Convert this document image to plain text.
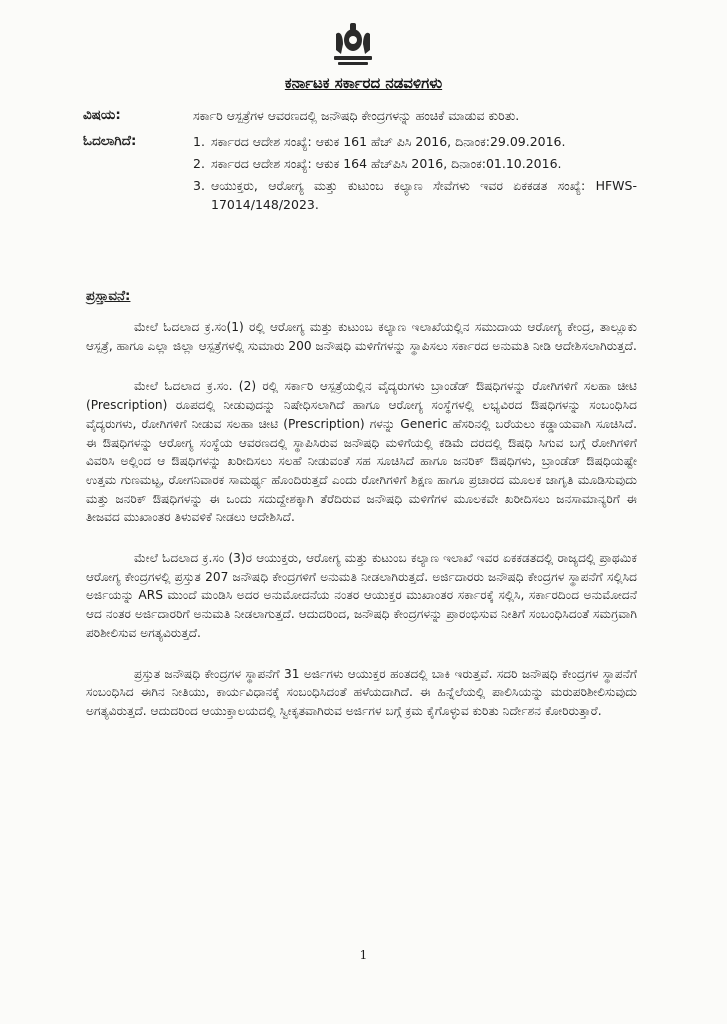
ಕರ್ನಾಟಕ ಸರ್ಕಾರದ ನಡವಳಿಗಳು
ವಿಷಯ:	ಸರ್ಕಾರಿ ಆಸ್ಪತ್ರೆಗಳ ಆವರಣದಲ್ಲಿ ಜನೌಷಧಿ ಕೇಂದ್ರಗಳನ್ನು ಹಂಚಿಕೆ ಮಾಡುವ ಕುರಿತು.
ಓದಲಾಗಿದೆ:	1. ಸರ್ಕಾರದ ಆದೇಶ ಸಂಖ್ಯೆ: ಆಕುಕ 161 ಹೆಚ್ ಪಿಸಿ 2016, ದಿನಾಂಕ:29.09.2016.
2. ಸರ್ಕಾರದ ಆದೇಶ ಸಂಖ್ಯೆ: ಆಕುಕ 164 ಹೆಚ್‌ಪಿಸಿ 2016, ದಿನಾಂಕ:01.10.2016.
3. ಆಯುಕ್ತರು, ಆರೋಗ್ಯ ಮತ್ತು ಕುಟುಂಬ ಕಲ್ಯಾಣ ಸೇವೆಗಳು ಇವರ ಏಕಕಡತ ಸಂಖ್ಯೆ: HFWS-17014/148/2023.
ಪ್ರಸ್ತಾವನೆ:

ಮೇಲೆ ಓದಲಾದ ಕ್ರ.ಸಂ(1) ರಲ್ಲಿ ಆರೋಗ್ಯ ಮತ್ತು ಕುಟುಂಬ ಕಲ್ಯಾಣ ಇಲಾಖೆಯಲ್ಲಿನ ಸಮುದಾಯ ಆರೋಗ್ಯ ಕೇಂದ್ರ, ತಾಲ್ಲೂಕು ಆಸ್ಪತ್ರೆ, ಹಾಗೂ ಎಲ್ಲಾ ಜಿಲ್ಲಾ ಆಸ್ಪತ್ರೆಗಳಲ್ಲಿ ಸುಮಾರು 200 ಜನೌಷಧಿ ಮಳಿಗೆಗಳನ್ನು ಸ್ಥಾಪಿಸಲು ಸರ್ಕಾರದ ಅನುಮತಿ ನೀಡಿ ಆದೇಶಿಸಲಾಗಿರುತ್ತದೆ.

ಮೇಲೆ ಓದಲಾದ ಕ್ರ.ಸಂ. (2) ರಲ್ಲಿ ಸರ್ಕಾರಿ ಆಸ್ಪತ್ರೆಯಲ್ಲಿನ ವೈದ್ಯರುಗಳು ಬ್ರಾಂಡೆಡ್ ಔಷಧಿಗಳನ್ನು ರೋಗಿಗಳಿಗೆ ಸಲಹಾ ಚೀಟಿ (Prescription) ರೂಪದಲ್ಲಿ ನೀಡುವುದನ್ನು ನಿಷೇಧಿಸಲಾಗಿದೆ ಹಾಗೂ ಆರೋಗ್ಯ ಸಂಸ್ಥೆಗಳಲ್ಲಿ ಲಭ್ಯವಿರದ ಔಷಧಿಗಳನ್ನು ಸಂಬಂಧಿಸಿದ ವೈದ್ಯರುಗಳು, ರೋಗಿಗಳಿಗೆ ನೀಡುವ ಸಲಹಾ ಚೀಟಿ (Prescription) ಗಳನ್ನು Generic ಹೆಸರಿನಲ್ಲಿ ಬರೆಯಲು ಕಡ್ಡಾಯವಾಗಿ ಸೂಚಿಸಿದೆ. ಈ ಔಷಧಿಗಳನ್ನು ಆರೋಗ್ಯ ಸಂಸ್ಥೆಯ ಆವರಣದಲ್ಲಿ ಸ್ಥಾಪಿಸಿರುವ ಜನೌಷಧಿ ಮಳಿಗೆಯಲ್ಲಿ ಕಡಿಮೆ ದರದಲ್ಲಿ ಔಷಧಿ ಸಿಗುವ ಬಗ್ಗೆ ರೋಗಿಗಳಿಗೆ ವಿವರಿಸಿ ಅಲ್ಲಿಂದ ಆ ಔಷಧಿಗಳನ್ನು ಖರೀದಿಸಲು ಸಲಹೆ ನೀಡುವಂತೆ ಸಹ ಸೂಚಿಸಿದೆ ಹಾಗೂ ಜನರಿಕ್ ಔಷಧಿಗಳು, ಬ್ರಾಂಡೆಡ್ ಔಷಧಿಯಷ್ಟೇ ಉತ್ತಮ ಗುಣಮಟ್ಟ, ರೋಗನಿವಾರಕ ಸಾಮರ್ಥ್ಯ ಹೊಂದಿರುತ್ತದೆ ಎಂದು ರೋಗಿಗಳಿಗೆ ಶಿಕ್ಷಣ ಹಾಗೂ ಪ್ರಚಾರದ ಮೂಲಕ ಜಾಗೃತಿ ಮೂಡಿಸುವುದು ಮತ್ತು ಜನರಿಕ್ ಔಷಧಿಗಳನ್ನು ಈ ಒಂದು ಸದುದ್ದೇಶಕ್ಕಾಗಿ ತೆರೆದಿರುವ ಜನೌಷಧಿ ಮಳಿಗೆಗಳ ಮೂಲಕವೇ ಖರೀದಿಸಲು ಜನಸಾಮಾನ್ಯರಿಗೆ ಈ ತೀಜವದ ಮುಖಾಂತರ ತಿಳುವಳಿಕೆ ನೀಡಲು ಆದೇಶಿಸಿದೆ.

ಮೇಲೆ ಓದಲಾದ ಕ್ರ.ಸಂ (3)ರ ಆಯುಕ್ತರು, ಆರೋಗ್ಯ ಮತ್ತು ಕುಟುಂಬ ಕಲ್ಯಾಣ ಇಲಾಖೆ ಇವರ ಏಕಕಡತದಲ್ಲಿ ರಾಜ್ಯದಲ್ಲಿ ಪ್ರಾಥಮಿಕ ಆರೋಗ್ಯ ಕೇಂದ್ರಗಳಲ್ಲಿ ಪ್ರಸ್ತುತ 207 ಜನೌಷಧಿ ಕೇಂದ್ರಗಳಿಗೆ ಅನುಮತಿ ನೀಡಲಾಗಿರುತ್ತದೆ. ಅರ್ಜಿದಾರರು ಜನೌಷಧಿ ಕೇಂದ್ರಗಳ ಸ್ಥಾಪನೆಗೆ ಸಲ್ಲಿಸಿದ ಅರ್ಜಿಯನ್ನು ARS ಮುಂದೆ ಮಂಡಿಸಿ ಅದರ ಅನುಮೋದನೆಯ ನಂತರ ಆಯುಕ್ತರ ಮುಖಾಂತರ ಸರ್ಕಾರಕ್ಕೆ ಸಲ್ಲಿಸಿ, ಸರ್ಕಾರದಿಂದ ಅನುಮೋದನೆ ಆದ ನಂತರ ಅರ್ಜಿದಾರರಿಗೆ ಅನುಮತಿ ನೀಡಲಾಗುತ್ತದೆ. ಆದುದರಿಂದ, ಜನೌಷಧಿ ಕೇಂದ್ರಗಳನ್ನು ಪ್ರಾರಂಭಿಸುವ ನೀತಿಗೆ ಸಂಬಂಧಿಸಿದಂತೆ ಸಮಗ್ರವಾಗಿ ಪರಿಶೀಲಿಸುವ ಅಗತ್ಯವಿರುತ್ತದೆ.

ಪ್ರಸ್ತುತ ಜನೌಷಧಿ ಕೇಂದ್ರಗಳ ಸ್ಥಾಪನೆಗೆ 31 ಅರ್ಜಿಗಳು ಆಯುಕ್ತರ ಹಂತದಲ್ಲಿ ಬಾಕಿ ಇರುತ್ತವೆ. ಸದರಿ ಜನೌಷಧಿ ಕೇಂದ್ರಗಳ ಸ್ಥಾಪನೆಗೆ ಸಂಬಂಧಿಸಿದ ಈಗಿನ ನೀತಿಯು, ಕಾರ್ಯವಿಧಾನಕ್ಕೆ ಸಂಬಂಧಿಸಿದಂತೆ ಹಳೆಯದಾಗಿದೆ. ಈ ಹಿನ್ನೆಲೆಯಲ್ಲಿ ಪಾಲಿಸಿಯನ್ನು ಮರುಪರಿಶೀಲಿಸುವುದು ಅಗತ್ಯವಿರುತ್ತದೆ. ಆದುದರಿಂದ ಆಯುಕ್ತಾಲಯದಲ್ಲಿ ಸ್ವೀಕೃತವಾಗಿರುವ ಅರ್ಜಿಗಳ ಬಗ್ಗೆ ಕ್ರಮ ಕೈಗೊಳ್ಳುವ ಕುರಿತು ನಿರ್ದೇಶನ ಕೋರಿರುತ್ತಾರೆ.

1
